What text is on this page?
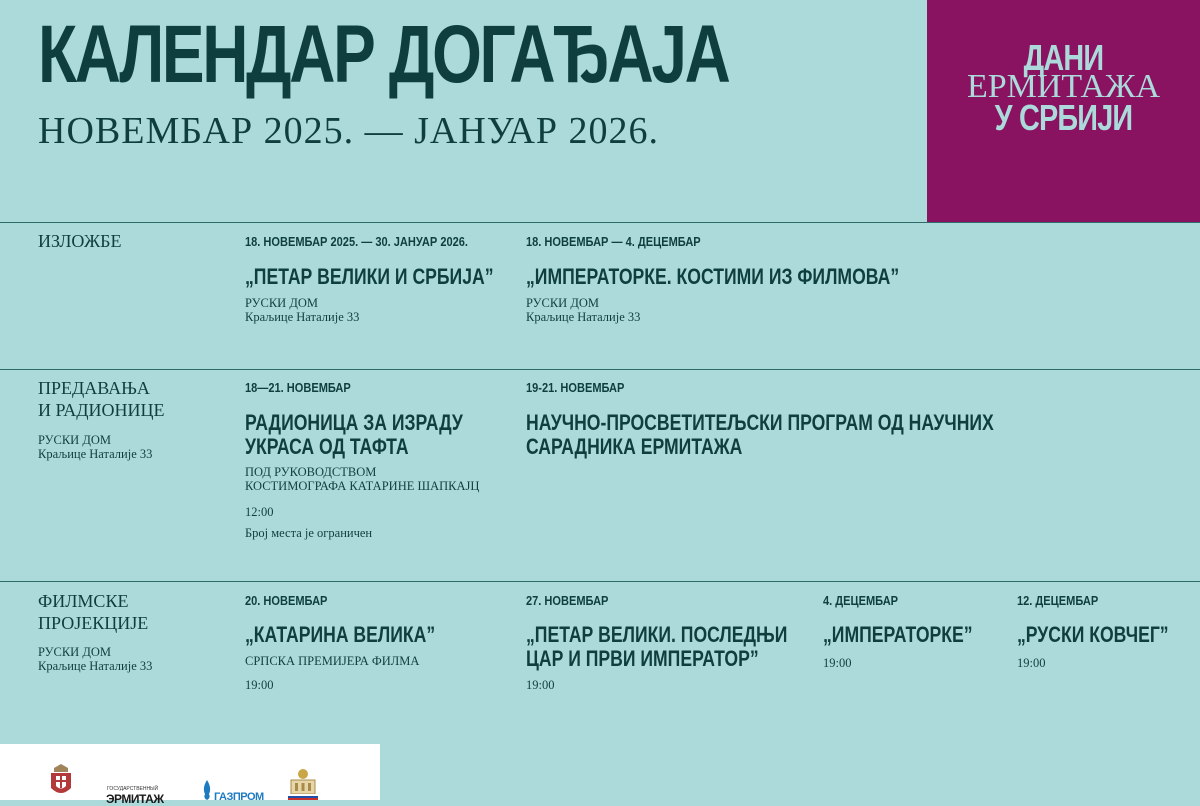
КАЛЕНДАР ДОГАЂАЈА
НОВЕМБАР 2025. — ЈАНУАР 2026.
ДАНИ
ЕРМИТАЖА
У СРБИЈИ
ИЗЛОЖБЕ	18. НОВЕМБАР 2025. — 30. ЈАНУАР 2026.
„ПЕТАР ВЕЛИКИ И СРБИЈА”
РУСКИ ДОМ
Краљице Наталије 33
18. НОВЕМБАР — 4. ДЕЦЕМБАР
„ИМПЕРАТОРКЕ. КОСТИМИ ИЗ ФИЛМОВА”
РУСКИ ДОМ
Краљице Наталије 33
ПРЕДАВАЊА
И РАДИОНИЦЕ
РУСКИ ДОМ
Краљице Наталије 33
18—21. НОВЕМБАР
РАДИОНИЦА ЗА ИЗРАДУ
УКРАСА ОД ТАФТА
ПОД РУКОВОДСТВОМ
КОСТИМОГРАФА КАТАРИНЕ ШАПКАЈЦ
12:00
Број места је ограничен
19-21. НОВЕМБАР
НАУЧНО-ПРОСВЕТИТЕЉСКИ ПРОГРАМ ОД НАУЧНИХ
САРАДНИКА ЕРМИТАЖА
ФИЛМСКЕ
ПРОЈЕКЦИЈЕ
РУСКИ ДОМ
Краљице Наталије 33
20. НОВЕМБАР
„КАТАРИНА ВЕЛИКА”
СРПСКА ПРЕМИЈЕРА ФИЛМА
19:00
27. НОВЕМБАР
„ПЕТАР ВЕЛИКИ. ПОСЛЕДЊИ
ЦАР И ПРВИ ИМПЕРАТОР”
19:00
4. ДЕЦЕМБАР
„ИМПЕРАТОРКЕ”
19:00
12. ДЕЦЕМБАР
„РУСКИ КОВЧЕГ”
19:00
ГОСУДАРСТВЕННЫЙ
ЭРМИТАЖ	ГАЗПРОМ
